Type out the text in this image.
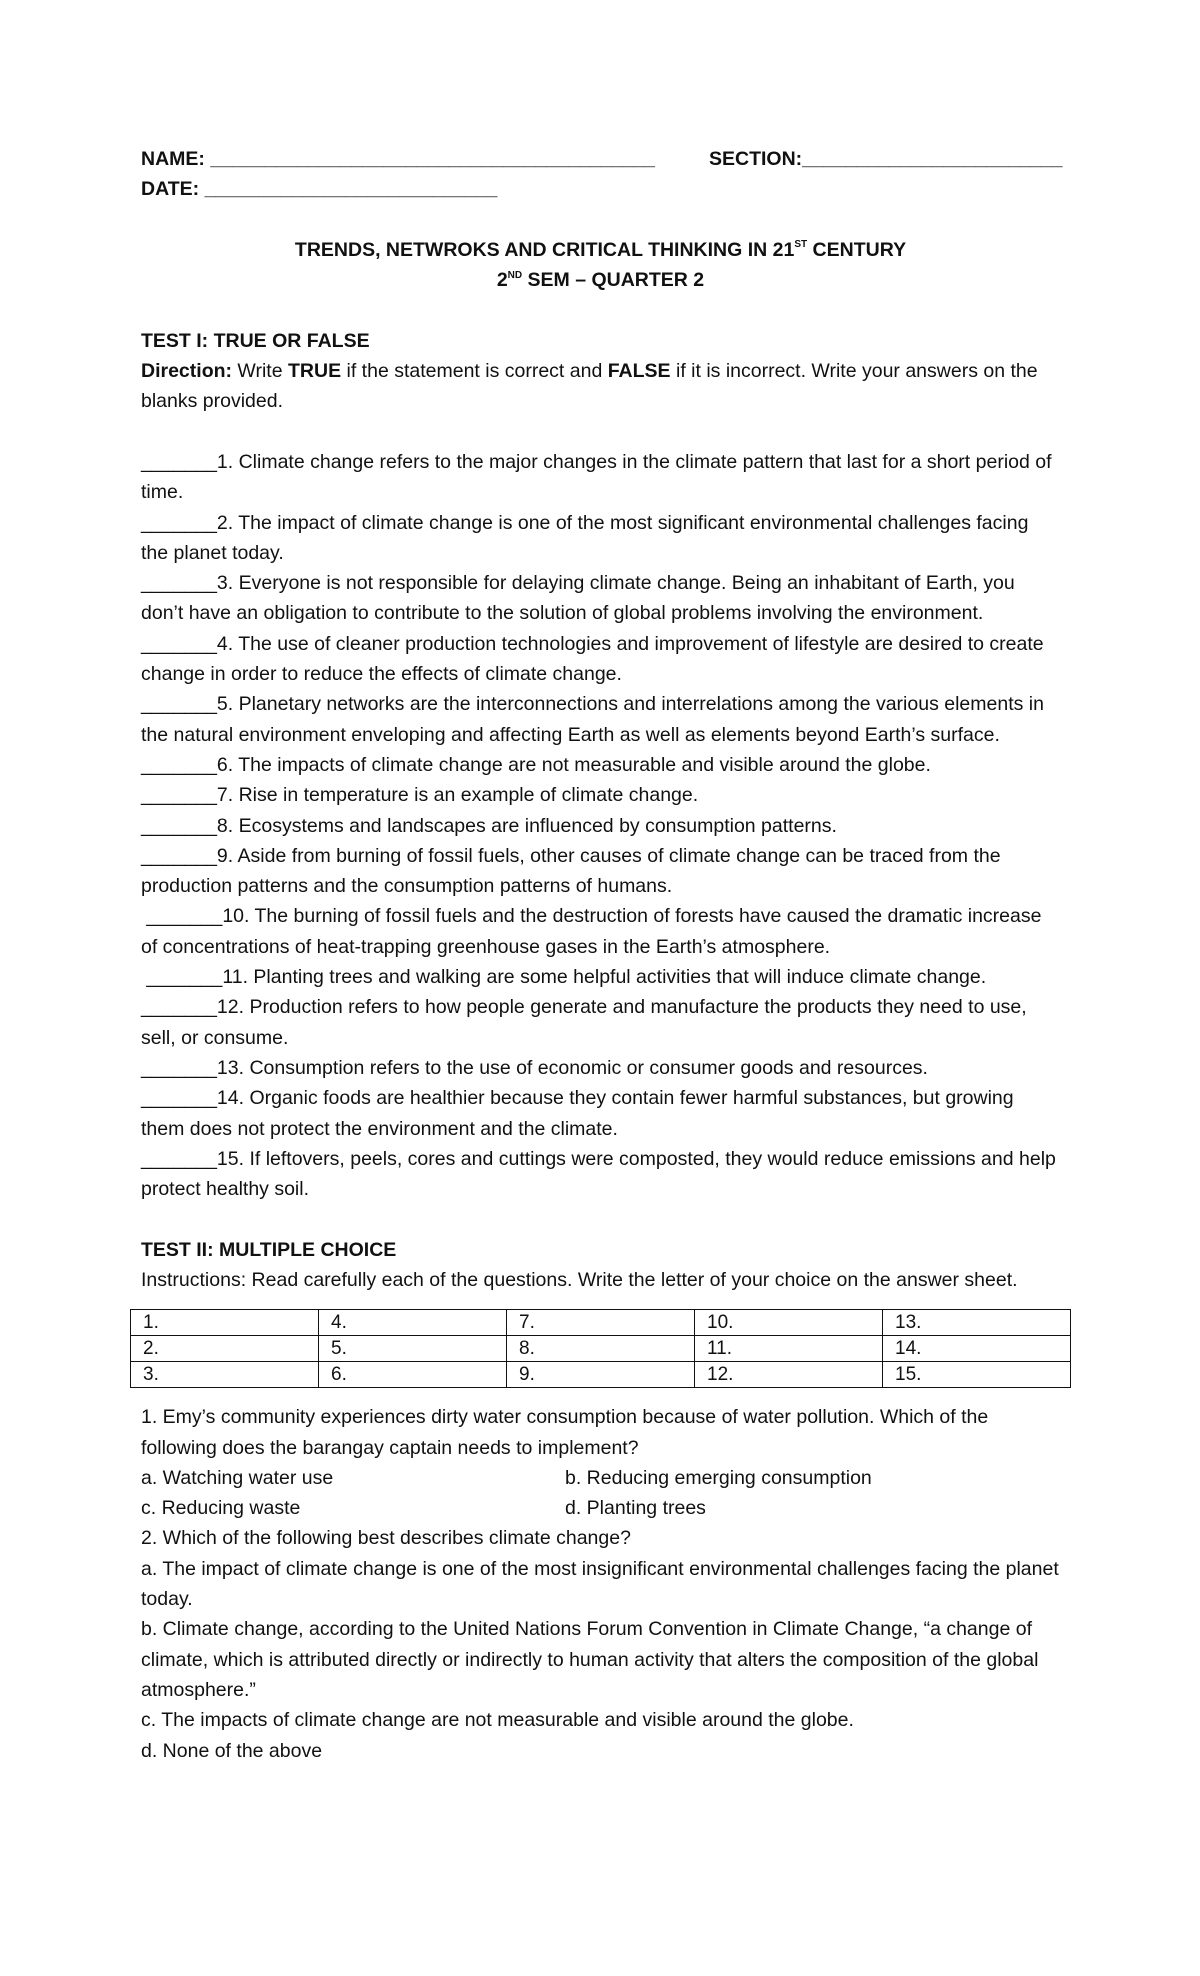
NAME: _________________________________________	SECTION:________________________
DATE: ___________________________

TRENDS, NETWROKS AND CRITICAL THINKING IN 21ST CENTURY

2ND SEM – QUARTER 2

TEST I: TRUE OR FALSE

Direction: Write TRUE if the statement is correct and FALSE if it is incorrect. Write your answers on the blanks provided.

_______1. Climate change refers to the major changes in the climate pattern that last for a short period of time.

_______2. The impact of climate change is one of the most significant environmental challenges facing the planet today.

_______3. Everyone is not responsible for delaying climate change. Being an inhabitant of Earth, you don’t have an obligation to contribute to the solution of global problems involving the environment.

_______4. The use of cleaner production technologies and improvement of lifestyle are desired to create change in order to reduce the effects of climate change.

_______5. Planetary networks are the interconnections and interrelations among the various elements in the natural environment enveloping and affecting Earth as well as elements beyond Earth’s surface.

_______6. The impacts of climate change are not measurable and visible around the globe.

_______7. Rise in temperature is an example of climate change.

_______8. Ecosystems and landscapes are influenced by consumption patterns.

_______9. Aside from burning of fossil fuels, other causes of climate change can be traced from the production patterns and the consumption patterns of humans.

_______10. The burning of fossil fuels and the destruction of forests have caused the dramatic increase of concentrations of heat-trapping greenhouse gases in the Earth’s atmosphere.

_______11. Planting trees and walking are some helpful activities that will induce climate change.

_______12. Production refers to how people generate and manufacture the products they need to use, sell, or consume.

_______13. Consumption refers to the use of economic or consumer goods and resources.

_______14. Organic foods are healthier because they contain fewer harmful substances, but growing them does not protect the environment and the climate.

_______15. If leftovers, peels, cores and cuttings were composted, they would reduce emissions and help protect healthy soil.

TEST II: MULTIPLE CHOICE

Instructions: Read carefully each of the questions. Write the letter of your choice on the answer sheet.

1.	4.	7.	10.	13.
2.	5.	8.	11.	14.
3.	6.	9.	12.	15.

1. Emy’s community experiences dirty water consumption because of water pollution. Which of the following does the barangay captain needs to implement?

a. Watching water use	b. Reducing emerging consumption
c. Reducing waste	d. Planting trees

2. Which of the following best describes climate change?

a. The impact of climate change is one of the most insignificant environmental challenges facing the planet today.

b. Climate change, according to the United Nations Forum Convention in Climate Change, “a change of climate, which is attributed directly or indirectly to human activity that alters the composition of the global atmosphere.”

c. The impacts of climate change are not measurable and visible around the globe.

d. None of the above
